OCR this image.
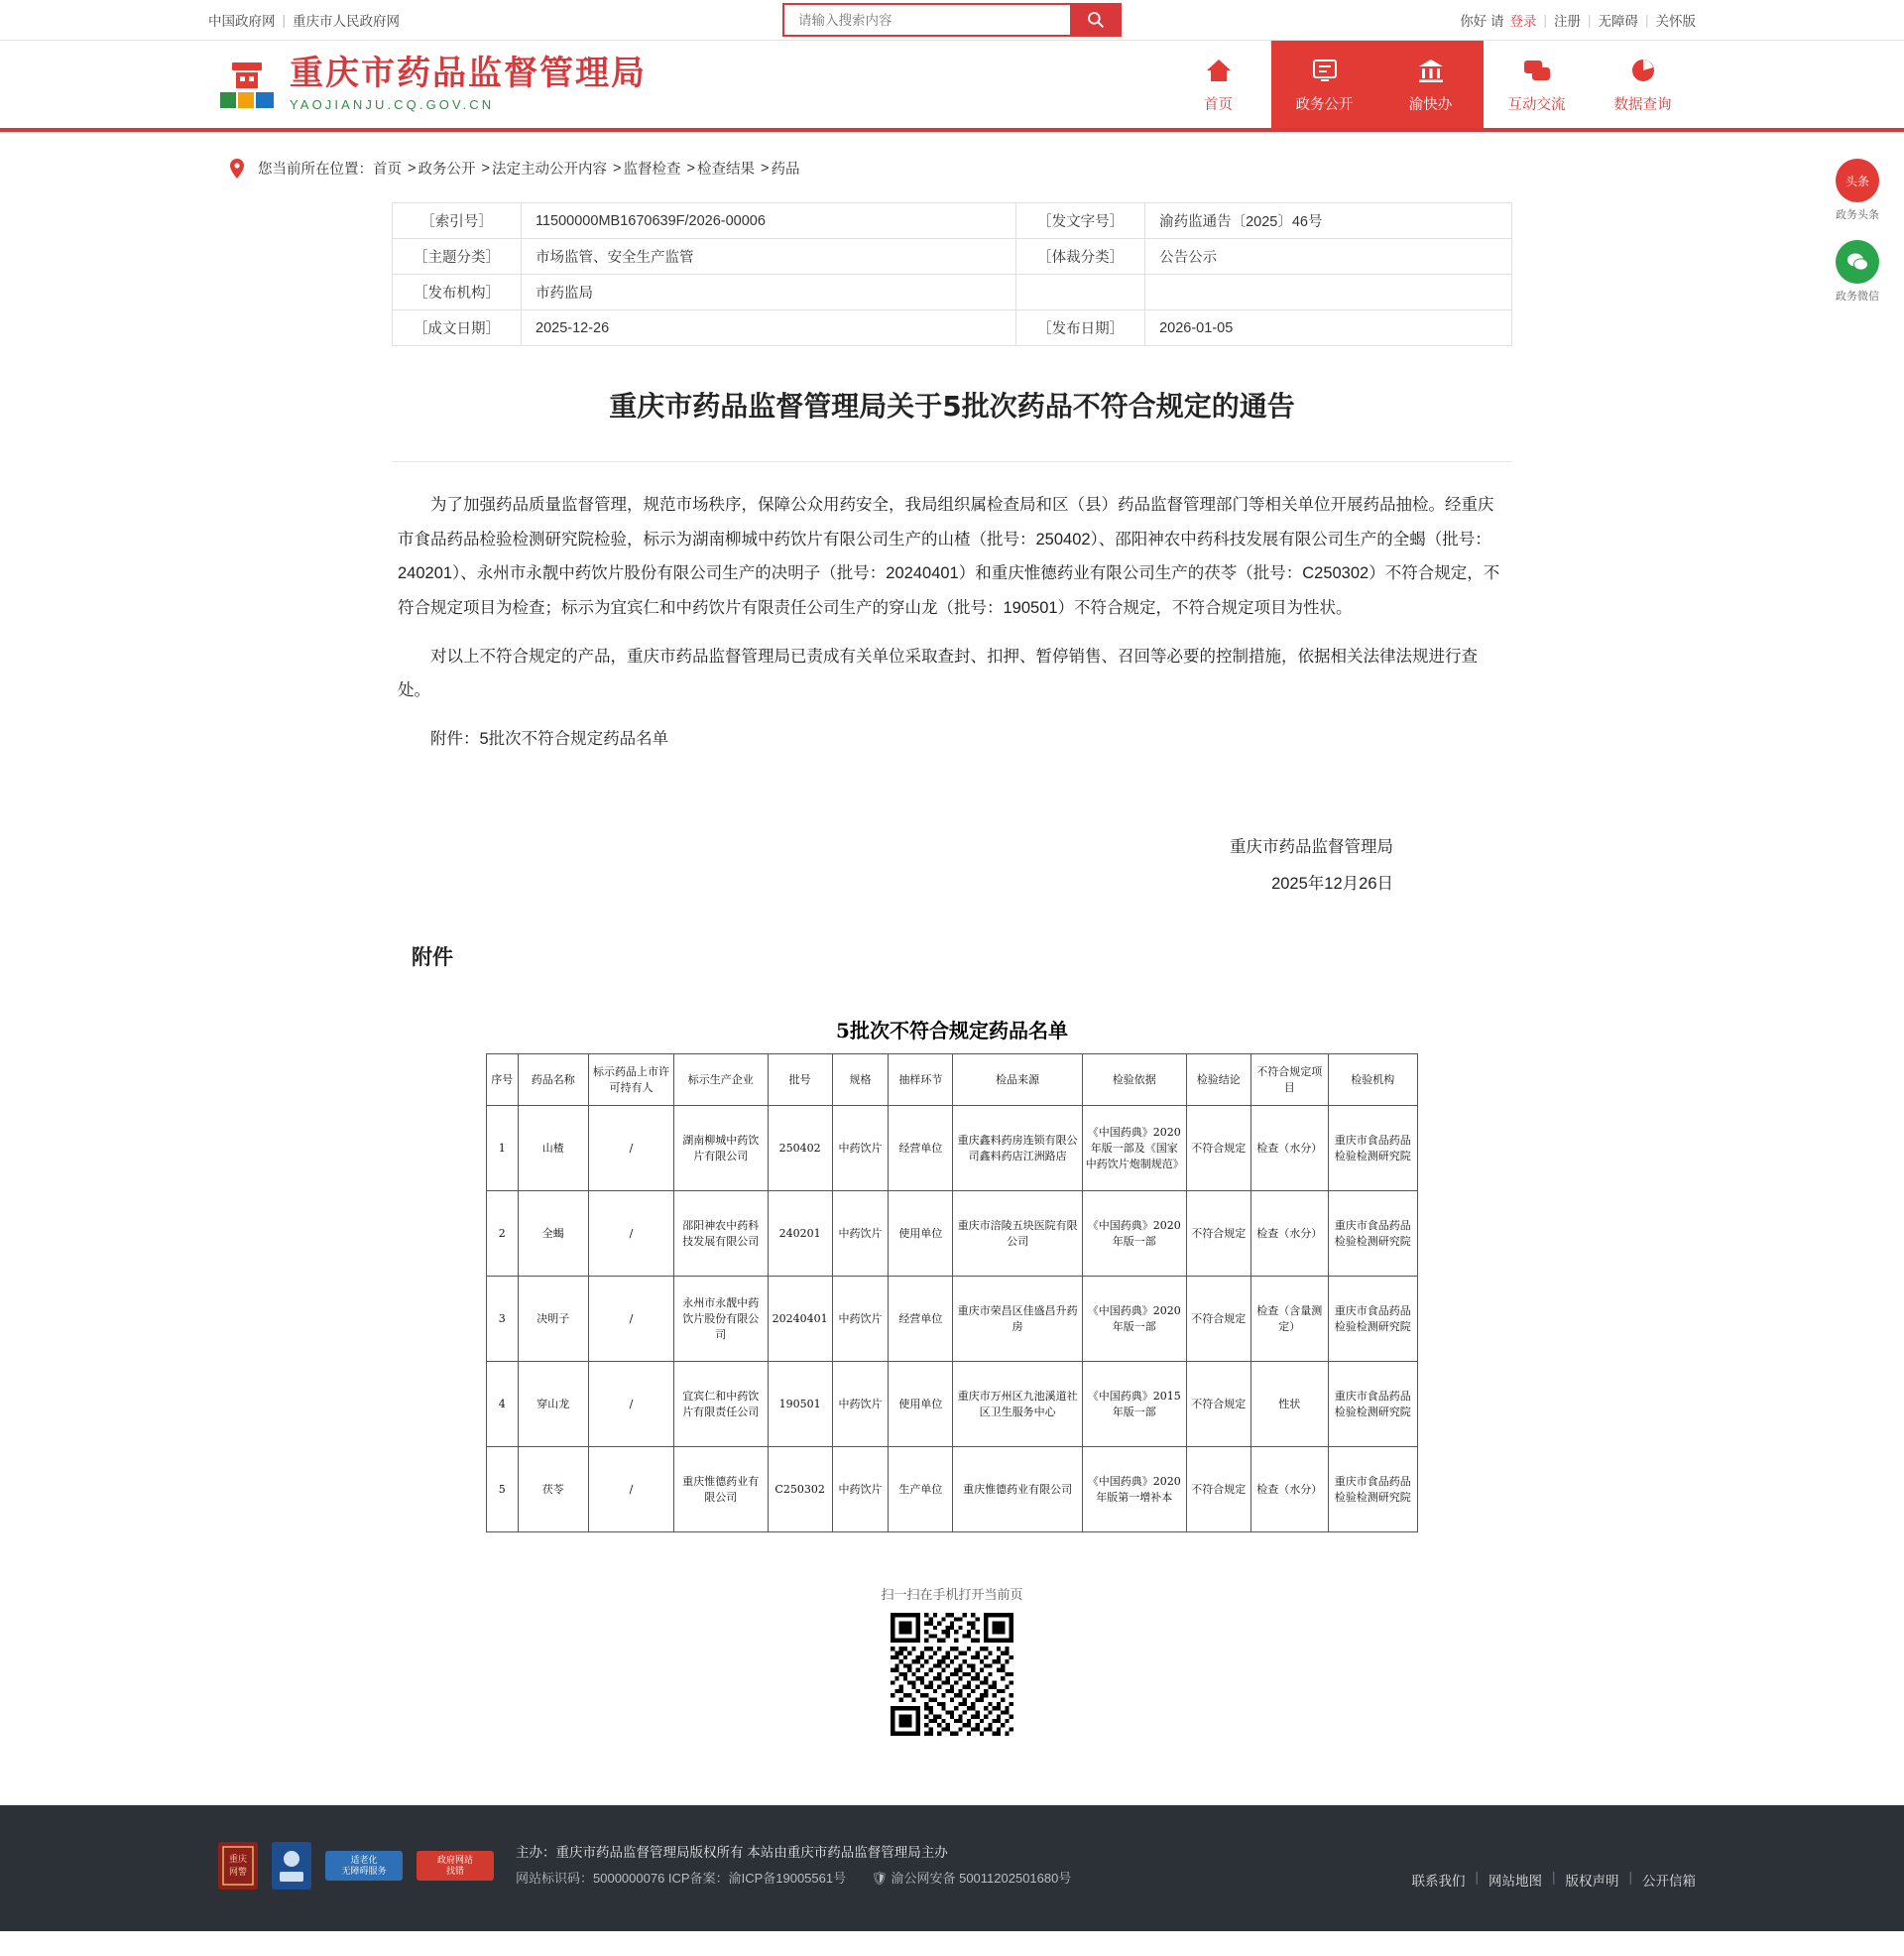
中国政府网 | 重庆市人民政府网
请输入搜索内容	你好 请 登录 | 注册 | 无障碍 | 关怀版
重庆市药品监督管理局
YAOJIANJU.CQ.GOV.CN	首页	政务公开	渝快办	互动交流	数据查询
头条
政务头条
政务微信
您当前所在位置： 首页 > 政务公开 > 法定主动公开内容 > 监督检查 > 检查结果 > 药品
［索引号］	11500000MB1670639F/2026-00006	［发文字号］	渝药监通告〔2025〕46号
［主题分类］	市场监管、安全生产监管	［体裁分类］	公告公示
［发布机构］	市药监局		
［成文日期］	2025-12-26	［发布日期］	2026-01-05
重庆市药品监督管理局关于5批次药品不符合规定的通告

为了加强药品质量监督管理，规范市场秩序，保障公众用药安全，我局组织属检查局和区（县）药品监督管理部门等相关单位开展药品抽检。经重庆市食品药品检验检测研究院检验，标示为湖南柳城中药饮片有限公司生产的山楂（批号：250402）、邵阳神农中药科技发展有限公司生产的全蝎（批号：240201）、永州市永靓中药饮片股份有限公司生产的决明子（批号：20240401）和重庆惟德药业有限公司生产的茯苓（批号：C250302）不符合规定，不符合规定项目为检查；标示为宜宾仁和中药饮片有限责任公司生产的穿山龙（批号：190501）不符合规定，不符合规定项目为性状。

对以上不符合规定的产品，重庆市药品监督管理局已责成有关单位采取查封、扣押、暂停销售、召回等必要的控制措施，依据相关法律法规进行查处。

附件：5批次不符合规定药品名单

重庆市药品监督管理局
2025年12月26日
附件
5批次不符合规定药品名单
序号	药品名称	标示药品上市许可持有人	标示生产企业	批号	规格	抽样环节	检品来源	检验依据	检验结论	不符合规定项目	检验机构
1	山楂	/	湖南柳城中药饮片有限公司	250402	中药饮片	经营单位	重庆鑫料药房连锁有限公司鑫料药店江洲路店	《中国药典》2020年版一部及《国家中药饮片炮制规范》	不符合规定	检查（水分）	重庆市食品药品检验检测研究院
2	全蝎	/	邵阳神农中药科技发展有限公司	240201	中药饮片	使用单位	重庆市涪陵五块医院有限公司	《中国药典》2020年版一部	不符合规定	检查（水分）	重庆市食品药品检验检测研究院
3	决明子	/	永州市永靓中药饮片股份有限公司	20240401	中药饮片	经营单位	重庆市荣昌区佳盛昌升药房	《中国药典》2020年版一部	不符合规定	检查（含量测定）	重庆市食品药品检验检测研究院
4	穿山龙	/	宜宾仁和中药饮片有限责任公司	190501	中药饮片	使用单位	重庆市万州区九池溪道社区卫生服务中心	《中国药典》2015年版一部	不符合规定	性状	重庆市食品药品检验检测研究院
5	茯苓	/	重庆惟德药业有限公司	C250302	中药饮片	生产单位	重庆惟德药业有限公司	《中国药典》2020年版第一增补本	不符合规定	检查（水分）	重庆市食品药品检验检测研究院
扫一扫在手机打开当前页
重庆
网警
适老化
无障碍服务
政府网站
找错
主办：重庆市药品监督管理局版权所有 本站由重庆市药品监督管理局主办
网站标识码：5000000076 ICP备案：渝ICP备19005561号 🛡 渝公网安备 50011202501680号	联系我们 | 网站地图 | 版权声明 | 公开信箱
